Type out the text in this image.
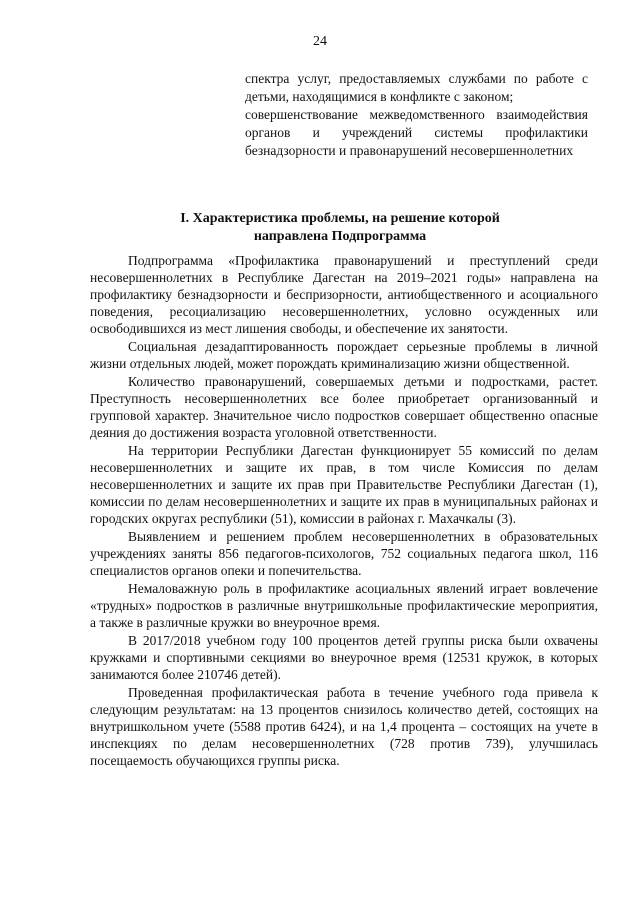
24

спектра услуг, предоставляемых службами по работе с детьми, находящимися в конфликте с законом;

совершенствование межведомственного взаимодействия органов и учреждений системы профилактики безнадзорности и правонарушений несовершеннолетних

I. Характеристика проблемы, на решение которой
направлена Подпрограмма

Подпрограмма «Профилактика правонарушений и преступлений среди несовершеннолетних в Республике Дагестан на 2019–2021 годы» направлена на профилактику безнадзорности и беспризорности, антиобщественного и асоциального поведения, ресоциализацию несовершеннолетних, условно осужденных или освободившихся из мест лишения свободы, и обеспечение их занятости.

Социальная дезадаптированность порождает серьезные проблемы в личной жизни отдельных людей, может порождать криминализацию жизни общественной.

Количество правонарушений, совершаемых детьми и подростками, растет. Преступность несовершеннолетних все более приобретает организованный и групповой характер. Значительное число подростков совершает общественно опасные деяния до достижения возраста уголовной ответственности.

На территории Республики Дагестан функционирует 55 комиссий по делам несовершеннолетних и защите их прав, в том числе Комиссия по делам несовершеннолетних и защите их прав при Правительстве Республики Дагестан (1), комиссии по делам несовершеннолетних и защите их прав в муниципальных районах и городских округах республики (51), комиссии в районах г. Махачкалы (3).

Выявлением и решением проблем несовершеннолетних в образовательных учреждениях заняты 856 педагогов-психологов, 752 социальных педагога школ, 116 специалистов органов опеки и попечительства.

Немаловажную роль в профилактике асоциальных явлений играет вовлечение «трудных» подростков в различные внутришкольные профилактические мероприятия, а также в различные кружки во внеурочное время.

В 2017/2018 учебном году 100 процентов детей группы риска были охвачены кружками и спортивными секциями во внеурочное время (12531 кружок, в которых занимаются более 210746 детей).

Проведенная профилактическая работа в течение учебного года привела к следующим результатам: на 13 процентов снизилось количество детей, состоящих на внутришкольном учете (5588 против 6424), и на 1,4 процента – состоящих на учете в инспекциях по делам несовершеннолетних (728 против 739), улучшилась посещаемость обучающихся группы риска.
